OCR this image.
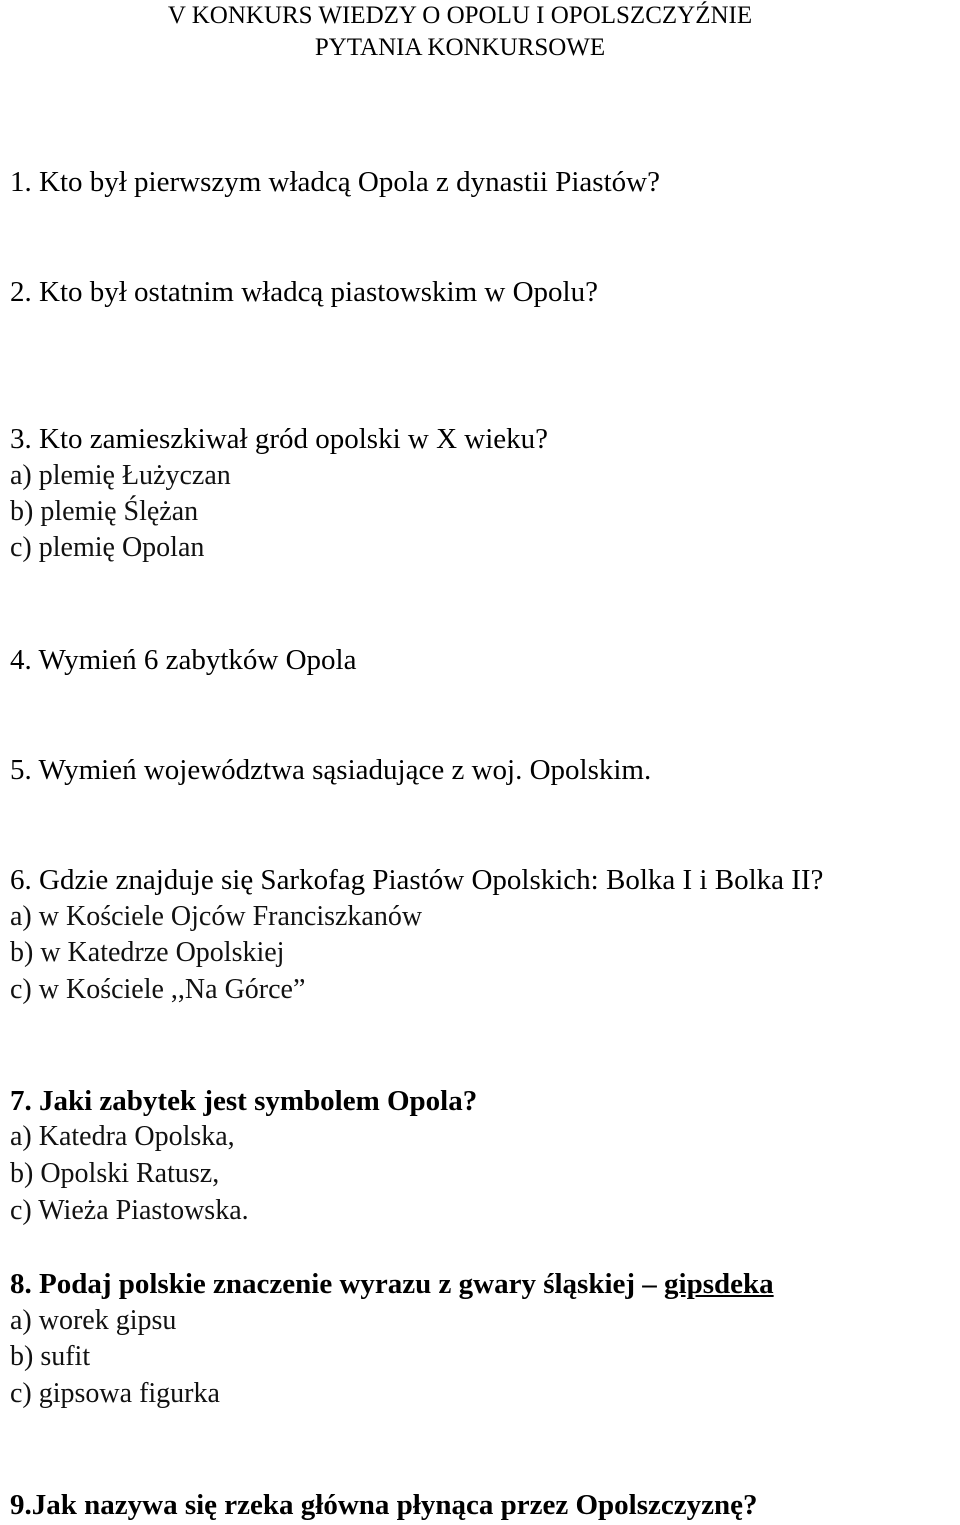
V KONKURS WIEDZY O OPOLU I OPOLSZCZYŹNIE
PYTANIA KONKURSOWE

1. Kto był pierwszym władcą Opola z dynastii Piastów?

2. Kto był ostatnim władcą piastowskim w Opolu?

3. Kto zamieszkiwał gród opolski w X wieku?

a) plemię Łużyczan

b) plemię Ślężan

c) plemię Opolan

4. Wymień 6 zabytków Opola

5. Wymień województwa sąsiadujące z woj. Opolskim.

6. Gdzie znajduje się Sarkofag Piastów Opolskich: Bolka I i Bolka II?

a) w Kościele Ojców Franciszkanów

b) w Katedrze Opolskiej

c) w Kościele ,,Na Górce”

7. Jaki zabytek jest symbolem Opola?

a) Katedra Opolska,

b) Opolski Ratusz,

c) Wieża Piastowska.

8. Podaj polskie znaczenie wyrazu z gwary śląskiej – gipsdeka

a) worek gipsu

b) sufit

c) gipsowa figurka

9.Jak nazywa się rzeka główna płynąca przez Opolszczyznę?
